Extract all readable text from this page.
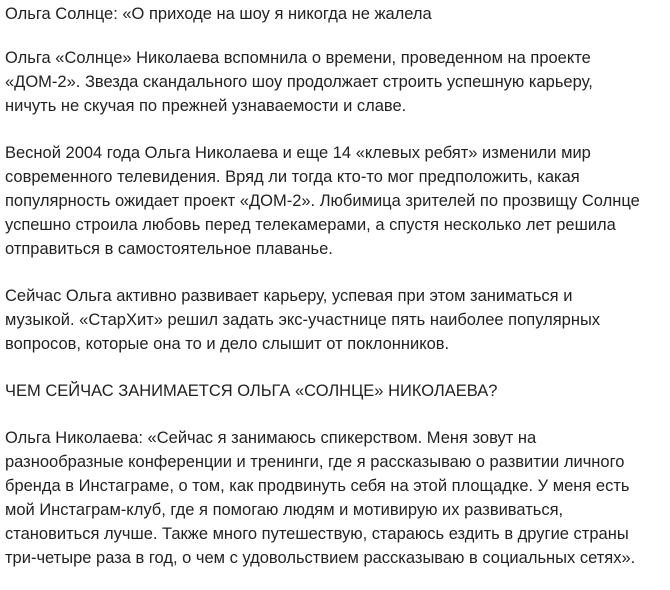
Ольга Солнце: «О приходе на шоу я никогда не жалела

Ольга «Солнце» Николаева вспомнила о времени, проведенном на проекте
«ДОМ-2». Звезда скандального шоу продолжает строить успешную карьеру,
ничуть не скучая по прежней узнаваемости и славе.

Весной 2004 года Ольга Николаева и еще 14 «клевых ребят» изменили мир
современного телевидения. Вряд ли тогда кто-то мог предположить, какая
популярность ожидает проект «ДОМ-2». Любимица зрителей по прозвищу Солнце
успешно строила любовь перед телекамерами, а спустя несколько лет решила
отправиться в самостоятельное плаванье.

Сейчас Ольга активно развивает карьеру, успевая при этом заниматься и
музыкой. «СтарХит» решил задать экс-участнице пять наиболее популярных
вопросов, которые она то и дело слышит от поклонников.

ЧЕМ СЕЙЧАС ЗАНИМАЕТСЯ ОЛЬГА «СОЛНЦЕ» НИКОЛАЕВА?

Ольга Николаева: «Сейчас я занимаюсь спикерством. Меня зовут на
разнообразные конференции и тренинги, где я рассказываю о развитии личного
бренда в Инстаграме, о том, как продвинуть себя на этой площадке. У меня есть
мой Инстаграм-клуб, где я помогаю людям и мотивирую их развиваться,
становиться лучше. Также много путешествую, стараюсь ездить в другие страны
три-четыре раза в год, о чем с удовольствием рассказываю в социальных сетях».
